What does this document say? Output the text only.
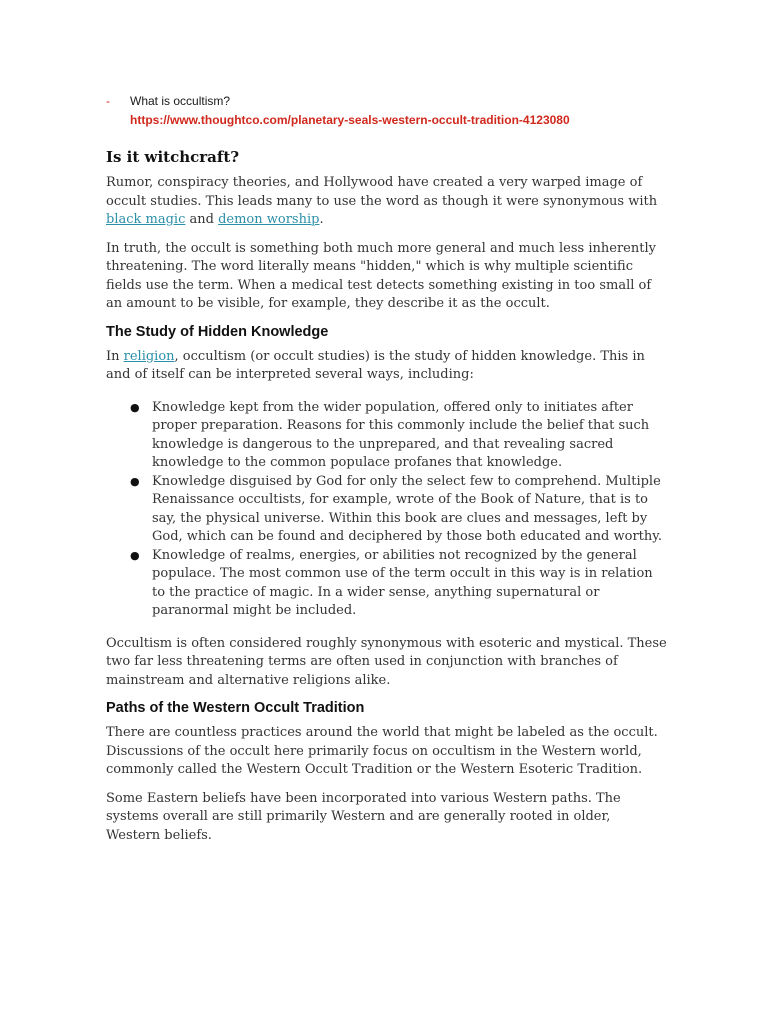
- What is occultism?
https://www.thoughtco.com/planetary-seals-western-occult-tradition-4123080
Is it witchcraft?

Rumor, conspiracy theories, and Hollywood have created a very warped image of occult studies. This leads many to use the word as though it were synonymous with black magic and demon worship.

In truth, the occult is something both much more general and much less inherently threatening. The word literally means "hidden," which is why multiple scientific fields use the term. When a medical test detects something existing in too small of an amount to be visible, for example, they describe it as the occult.

The Study of Hidden Knowledge

In religion, occultism (or occult studies) is the study of hidden knowledge. This in and of itself can be interpreted several ways, including:

● Knowledge kept from the wider population, offered only to initiates after proper preparation. Reasons for this commonly include the belief that such knowledge is dangerous to the unprepared, and that revealing sacred knowledge to the common populace profanes that knowledge.
● Knowledge disguised by God for only the select few to comprehend. Multiple Renaissance occultists, for example, wrote of the Book of Nature, that is to say, the physical universe. Within this book are clues and messages, left by God, which can be found and deciphered by those both educated and worthy.
● Knowledge of realms, energies, or abilities not recognized by the general populace. The most common use of the term occult in this way is in relation to the practice of magic. In a wider sense, anything supernatural or paranormal might be included.

Occultism is often considered roughly synonymous with esoteric and mystical. These two far less threatening terms are often used in conjunction with branches of mainstream and alternative religions alike.

Paths of the Western Occult Tradition

There are countless practices around the world that might be labeled as the occult. Discussions of the occult here primarily focus on occultism in the Western world, commonly called the Western Occult Tradition or the Western Esoteric Tradition.

Some Eastern beliefs have been incorporated into various Western paths. The systems overall are still primarily Western and are generally rooted in older, Western beliefs.
